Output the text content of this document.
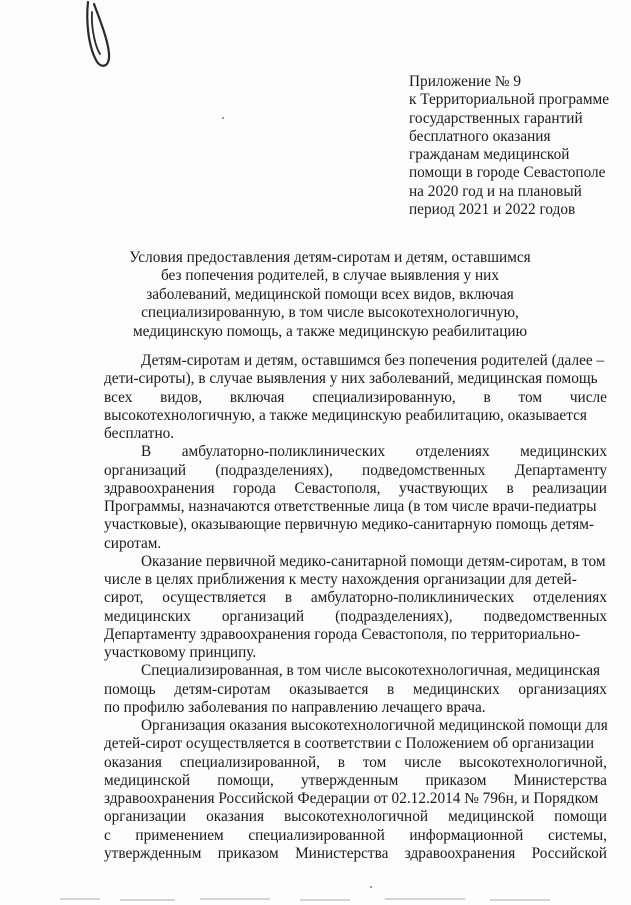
Приложение № 9
к Территориальной программе
государственных гарантий
бесплатного оказания
гражданам медицинской
помощи в городе Севастополе
на 2020 год и на плановый
период 2021 и 2022 годов
Условия предоставления детям-сиротам и детям, оставшимся
без попечения родителей, в случае выявления у них
заболеваний, медицинской помощи всех видов, включая
специализированную, в том числе высокотехнологичную,
медицинскую помощь, а также медицинскую реабилитацию
Детям-сиротам и детям, оставшимся без попечения родителей (далее –
дети-сироты), в случае выявления у них заболеваний, медицинская помощь
всех видов, включая специализированную, в том числе
высокотехнологичную, а также медицинскую реабилитацию, оказывается
бесплатно.
В амбулаторно-поликлинических отделениях медицинских
организаций (подразделениях), подведомственных Департаменту
здравоохранения города Севастополя, участвующих в реализации
Программы, назначаются ответственные лица (в том числе врачи-педиатры
участковые), оказывающие первичную медико-санитарную помощь детям-
сиротам.
Оказание первичной медико-санитарной помощи детям-сиротам, в том
числе в целях приближения к месту нахождения организации для детей-
сирот, осуществляется в амбулаторно-поликлинических отделениях
медицинских организаций (подразделениях), подведомственных
Департаменту здравоохранения города Севастополя, по территориально-
участковому принципу.
Специализированная, в том числе высокотехнологичная, медицинская
помощь детям-сиротам оказывается в медицинских организациях
по профилю заболевания по направлению лечащего врача.
Организация оказания высокотехнологичной медицинской помощи для
детей-сирот осуществляется в соответствии с Положением об организации
оказания специализированной, в том числе высокотехнологичной,
медицинской помощи, утвержденным приказом Министерства
здравоохранения Российской Федерации от 02.12.2014 № 796н, и Порядком
организации оказания высокотехнологичной медицинской помощи
с применением специализированной информационной системы,
утвержденным приказом Министерства здравоохранения Российской
